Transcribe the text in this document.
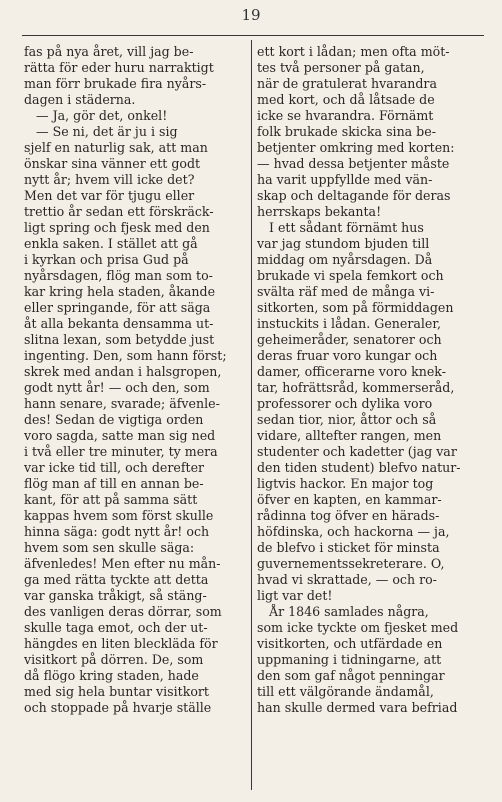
19
fas på nya året, vill jag be-
rätta för eder huru narraktigt
man förr brukade fira nyårs-
dagen i städerna.
— Ja, gör det, onkel!
— Se ni, det är ju i sig
sjelf en naturlig sak, att man
önskar sina vänner ett godt
nytt år; hvem vill icke det?
Men det var för tjugu eller
trettio år sedan ett förskräck-
ligt spring och fjesk med den
enkla saken. I stället att gå
i kyrkan och prisa Gud på
nyårsdagen, flög man som to-
kar kring hela staden, åkande
eller springande, för att säga
åt alla bekanta densamma ut-
slitna lexan, som betydde just
ingenting. Den, som hann först;
skrek med andan i halsgropen,
godt nytt år! — och den, som
hann senare, svarade; äfvenle-
des! Sedan de vigtiga orden
voro sagda, satte man sig ned
i två eller tre minuter, ty mera
var icke tid till, och derefter
flög man af till en annan be-
kant, för att på samma sätt
kappas hvem som först skulle
hinna säga: godt nytt år! och
hvem som sen skulle säga:
äfvenledes! Men efter nu mån-
ga med rätta tyckte att detta
var ganska tråkigt, så stäng-
des vanligen deras dörrar, som
skulle taga emot, och der ut-
hängdes en liten bleckläda för
visitkort på dörren. De, som
då flögo kring staden, hade
med sig hela buntar visitkort
och stoppade på hvarje ställe
ett kort i lådan; men ofta möt-
tes två personer på gatan,
när de gratulerat hvarandra
med kort, och då låtsade de
icke se hvarandra. Förnämt
folk brukade skicka sina be-
betjenter omkring med korten:
— hvad dessa betjenter måste
ha varit uppfyllde med vän-
skap och deltagande för deras
herrskaps bekanta!
I ett sådant förnämt hus
var jag stundom bjuden till
middag om nyårsdagen. Då
brukade vi spela femkort och
svälta räf med de många vi-
sitkorten, som på förmiddagen
instuckits i lådan. Generaler,
geheimeråder, senatorer och
deras fruar voro kungar och
damer, officerarne voro knek-
tar, hofrättsråd, kommerseråd,
professorer och dylika voro
sedan tior, nior, åttor och så
vidare, alltefter rangen, men
studenter och kadetter (jag var
den tiden student) blefvo natur-
ligtvis hackor. En major tog
öfver en kapten, en kammar-
rådinna tog öfver en härads-
höfdinska, och hackorna — ja,
de blefvo i sticket för minsta
guvernementssekreterare. O,
hvad vi skrattade, — och ro-
ligt var det!
År 1846 samlades några,
som icke tyckte om fjesket med
visitkorten, och utfärdade en
uppmaning i tidningarne, att
den som gaf något penningar
till ett välgörande ändamål,
han skulle dermed vara befriad
